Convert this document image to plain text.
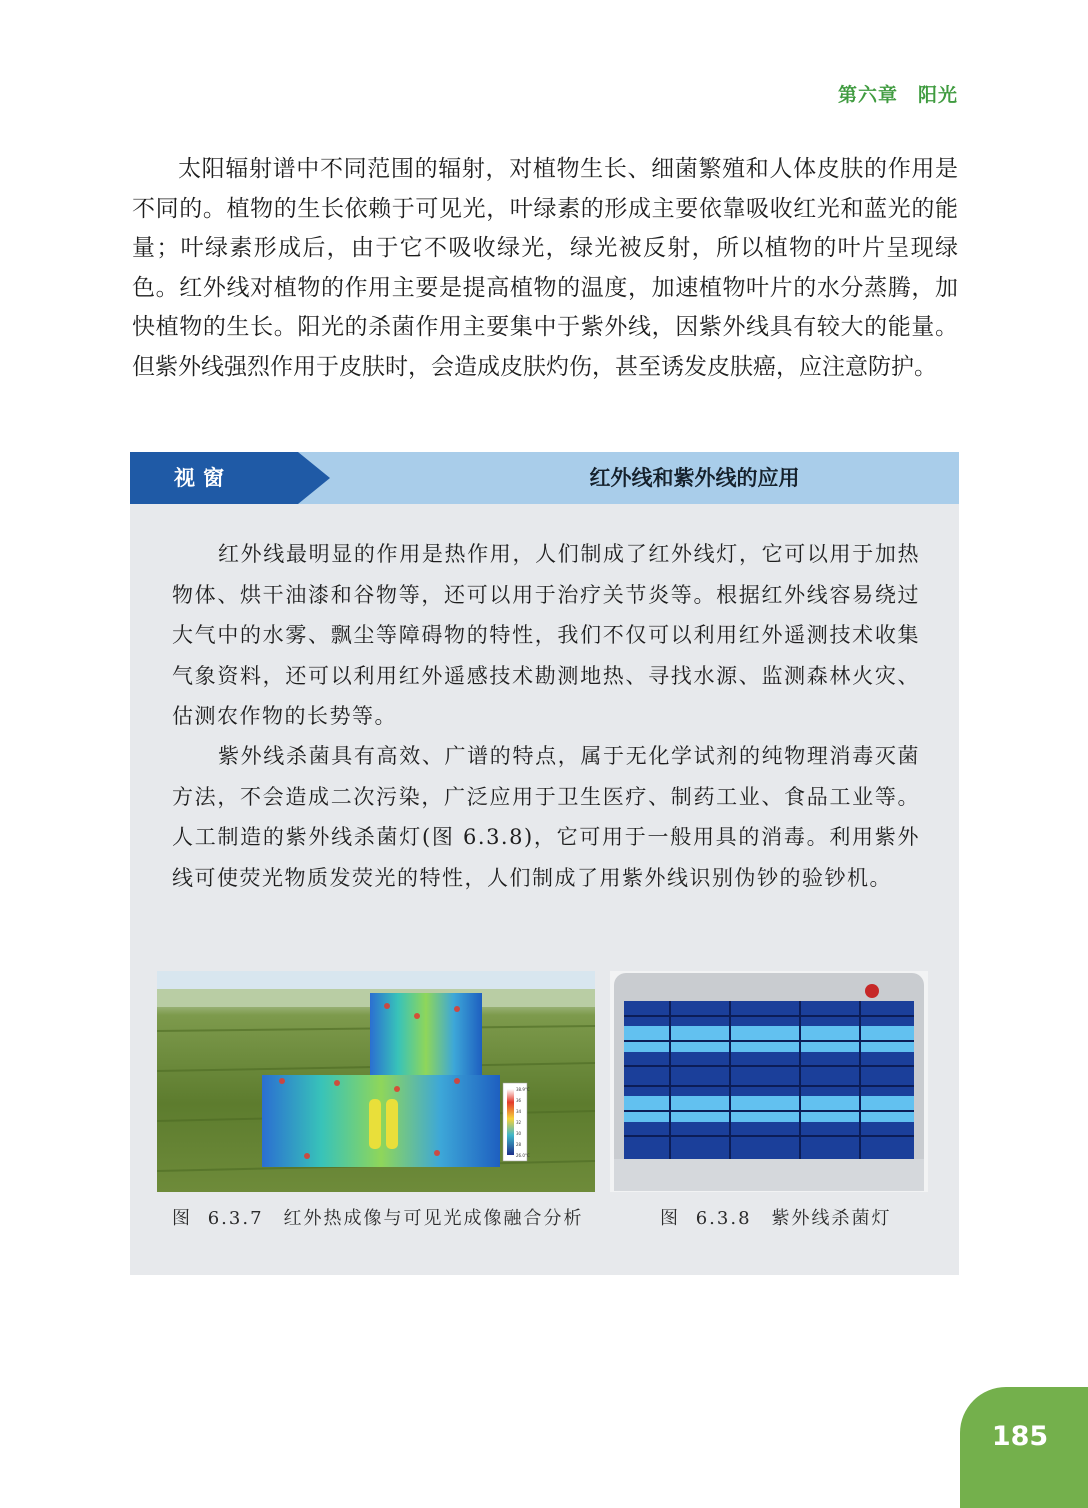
第六章　阳光

太阳辐射谱中不同范围的辐射，对植物生长、细菌繁殖和人体皮肤的作用是不同的。植物的生长依赖于可见光，叶绿素的形成主要依靠吸收红光和蓝光的能量；叶绿素形成后，由于它不吸收绿光，绿光被反射，所以植物的叶片呈现绿色。红外线对植物的作用主要是提高植物的温度，加速植物叶片的水分蒸腾，加快植物的生长。阳光的杀菌作用主要集中于紫外线，因紫外线具有较大的能量。但紫外线强烈作用于皮肤时，会造成皮肤灼伤，甚至诱发皮肤癌，应注意防护。

视窗	红外线和紫外线的应用

红外线最明显的作用是热作用，人们制成了红外线灯，它可以用于加热物体、烘干油漆和谷物等，还可以用于治疗关节炎等。根据红外线容易绕过大气中的水雾、飘尘等障碍物的特性，我们不仅可以利用红外遥测技术收集气象资料，还可以利用红外遥感技术勘测地热、寻找水源、监测森林火灾、估测农作物的长势等。

紫外线杀菌具有高效、广谱的特点，属于无化学试剂的纯物理消毒灭菌方法，不会造成二次污染，广泛应用于卫生医疗、制药工业、食品工业等。人工制造的紫外线杀菌灯(图 6.3.8)，它可用于一般用具的消毒。利用紫外线可使荧光物质发荧光的特性，人们制成了用紫外线识别伪钞的验钞机。

38.9°C
36
34
32
30
28
26.0°C
图 6.3.7　红外热成像与可见光成像融合分析	图 6.3.8　紫外线杀菌灯
185
